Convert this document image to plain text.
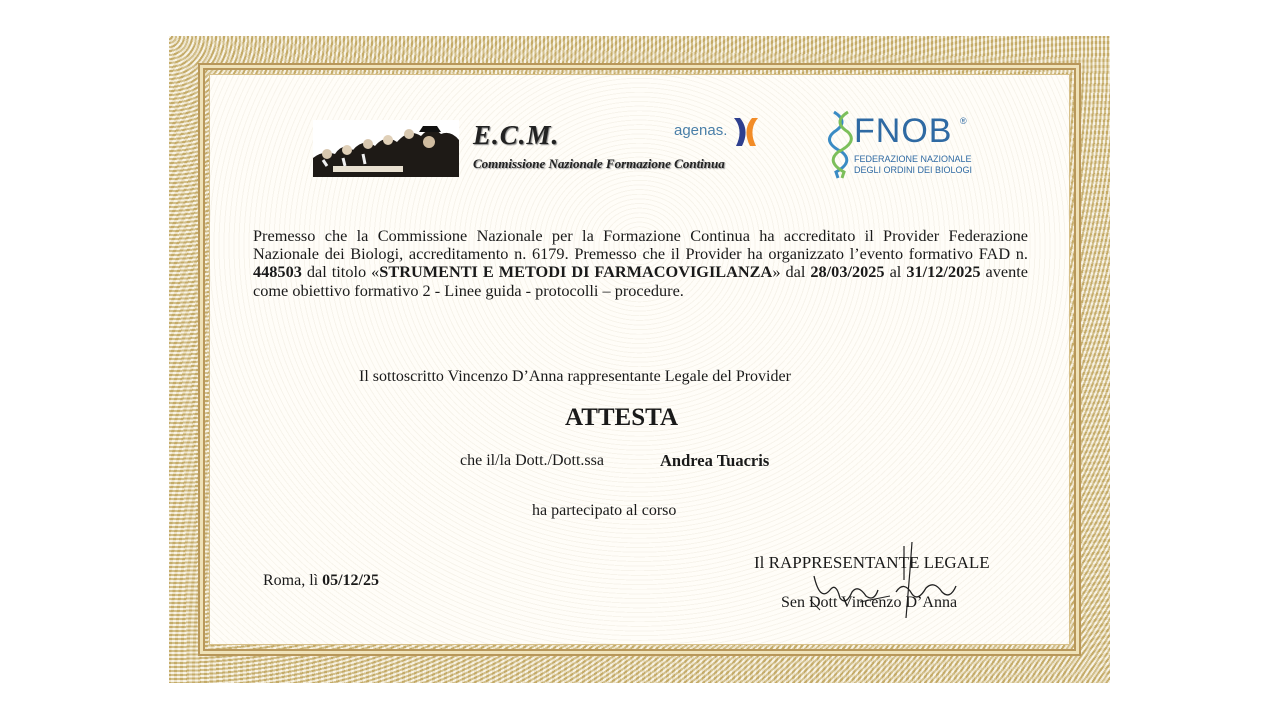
E.C.M.
Commissione Nazionale Formazione Continua
agenas.	FNOB ®
FEDERAZIONE NAZIONALE
DEGLI ORDINI DEI BIOLOGI
Premesso che la Commissione Nazionale per la Formazione Continua ha accreditato il Provider Federazione Nazionale dei Biologi, accreditamento n. 6179. Premesso che il Provider ha organizzato l’evento formativo FAD n. 448503 dal titolo «STRUMENTI E METODI DI FARMACOVIGILANZA» dal 28/03/2025 al 31/12/2025 avente come obiettivo formativo 2 - Linee guida - protocolli – procedure.
Il sottoscritto Vincenzo D’Anna rappresentante Legale del Provider
ATTESTA
che il/la Dott./Dott.ssa	Andrea Tuacris
ha partecipato al corso
Roma, lì 05/12/25
Il RAPPRESENTANTE LEGALE
Sen Dott Vincenzo D’Anna
